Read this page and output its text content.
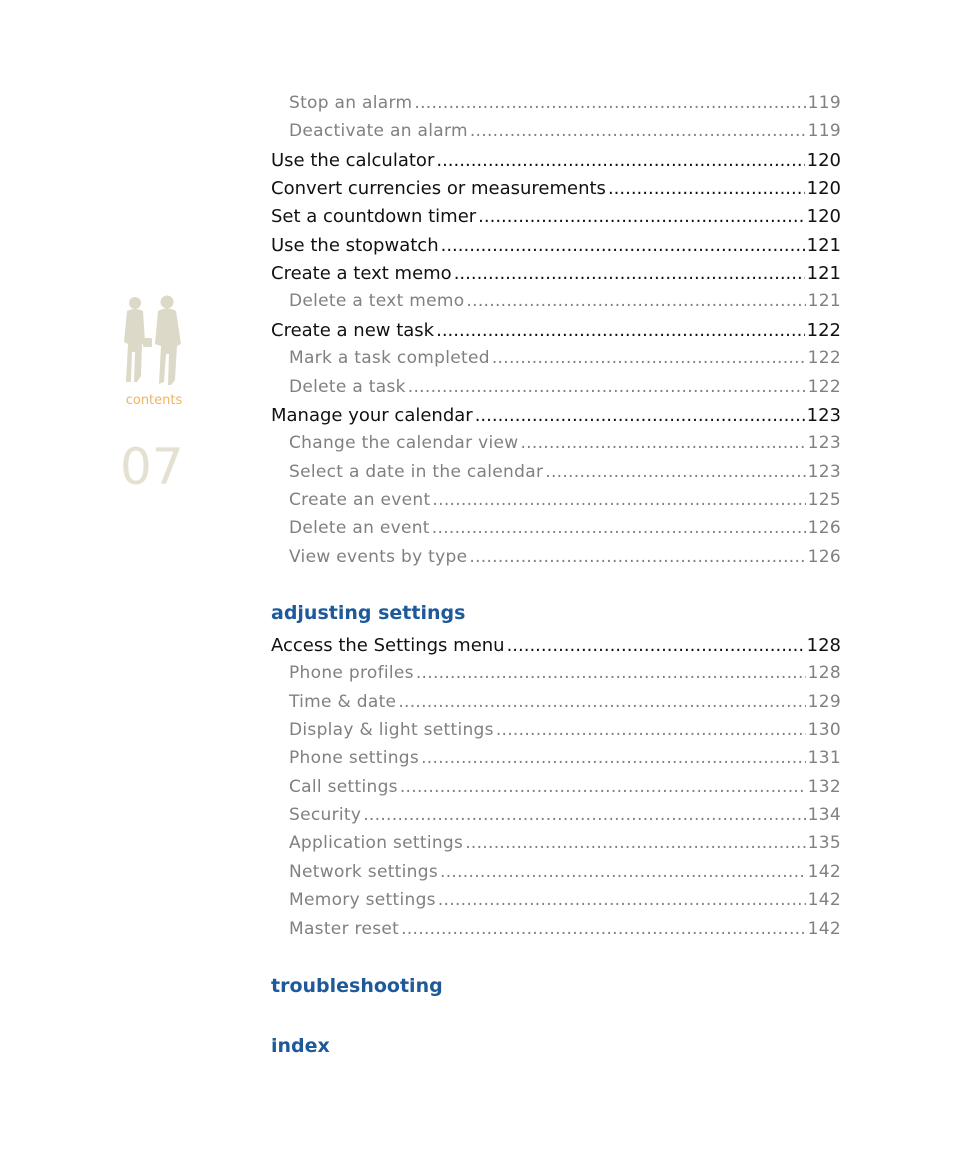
contents
07
Stop an alarm .....	119
Deactivate an alarm .....	119
Use the calculator .....	120
Convert currencies or measurements .....	120
Set a countdown timer .....	120
Use the stopwatch .....	121
Create a text memo .....	121
Delete a text memo .....	121
Create a new task .....	122
Mark a task completed .....	122
Delete a task .....	122
Manage your calendar .....	123
Change the calendar view .....	123
Select a date in the calendar .....	123
Create an event .....	125
Delete an event .....	126
View events by type .....	126
adjusting settings
Access the Settings menu .....	128
Phone profiles .....	128
Time & date .....	129
Display & light settings .....	130
Phone settings .....	131
Call settings .....	132
Security .....	134
Application settings .....	135
Network settings .....	142
Memory settings .....	142
Master reset .....	142
troubleshooting
index
